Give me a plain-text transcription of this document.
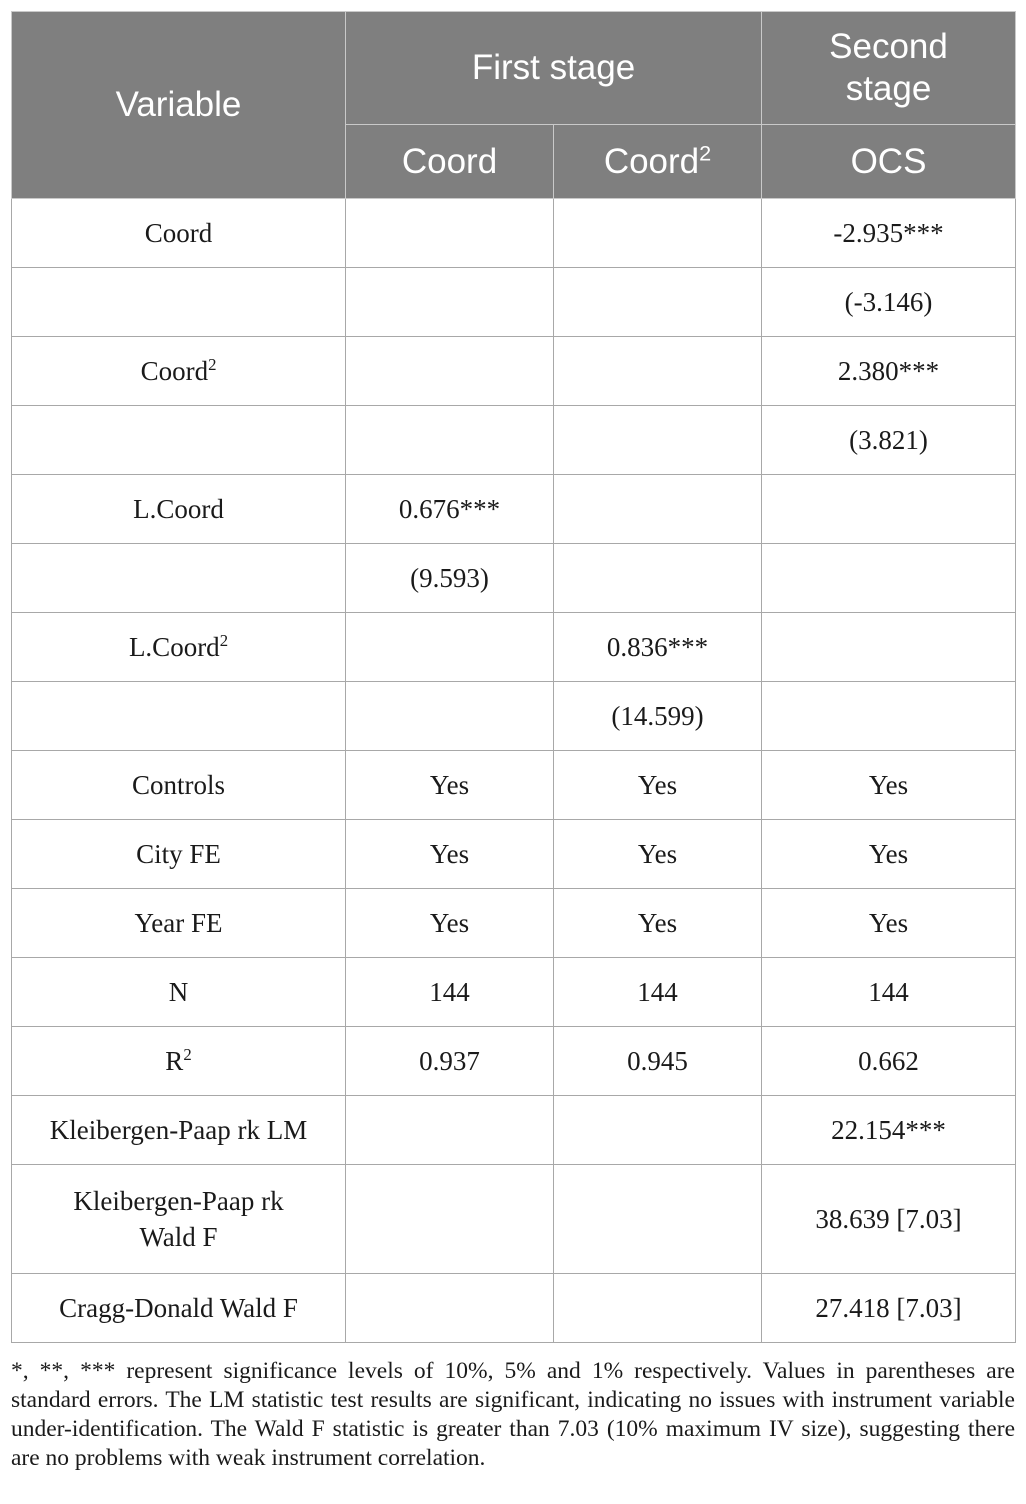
Variable	First stage		Second stage
	Coord	Coord$^2$	OCS
Coord			-2.935***
			(-3.146)
Coord$^2$			2.380***
			(3.821)
L.Coord	0.676***		
	(9.593)		
L.Coord$^2$		0.836***	
		(14.599)	
Controls	Yes	Yes	Yes
City FE	Yes	Yes	Yes
Year FE	Yes	Yes	Yes
N	144	144	144
$R^2$	0.937	0.945	0.662
Kleibergen-Paap rk LM			22.154***
Kleibergen-Paap rk Wald F			38.639 [7.03]
Cragg-Donald Wald F			27.418 [7.03]

*, **, *** represent significance levels of 10%, 5% and 1% respectively. Values in parentheses are standard errors. The LM statistic test results are significant, indicating no issues with instrument variable under-identification. The Wald F statistic is greater than 7.03 (10% maximum IV size), suggesting there are no problems with weak instrument correlation.
